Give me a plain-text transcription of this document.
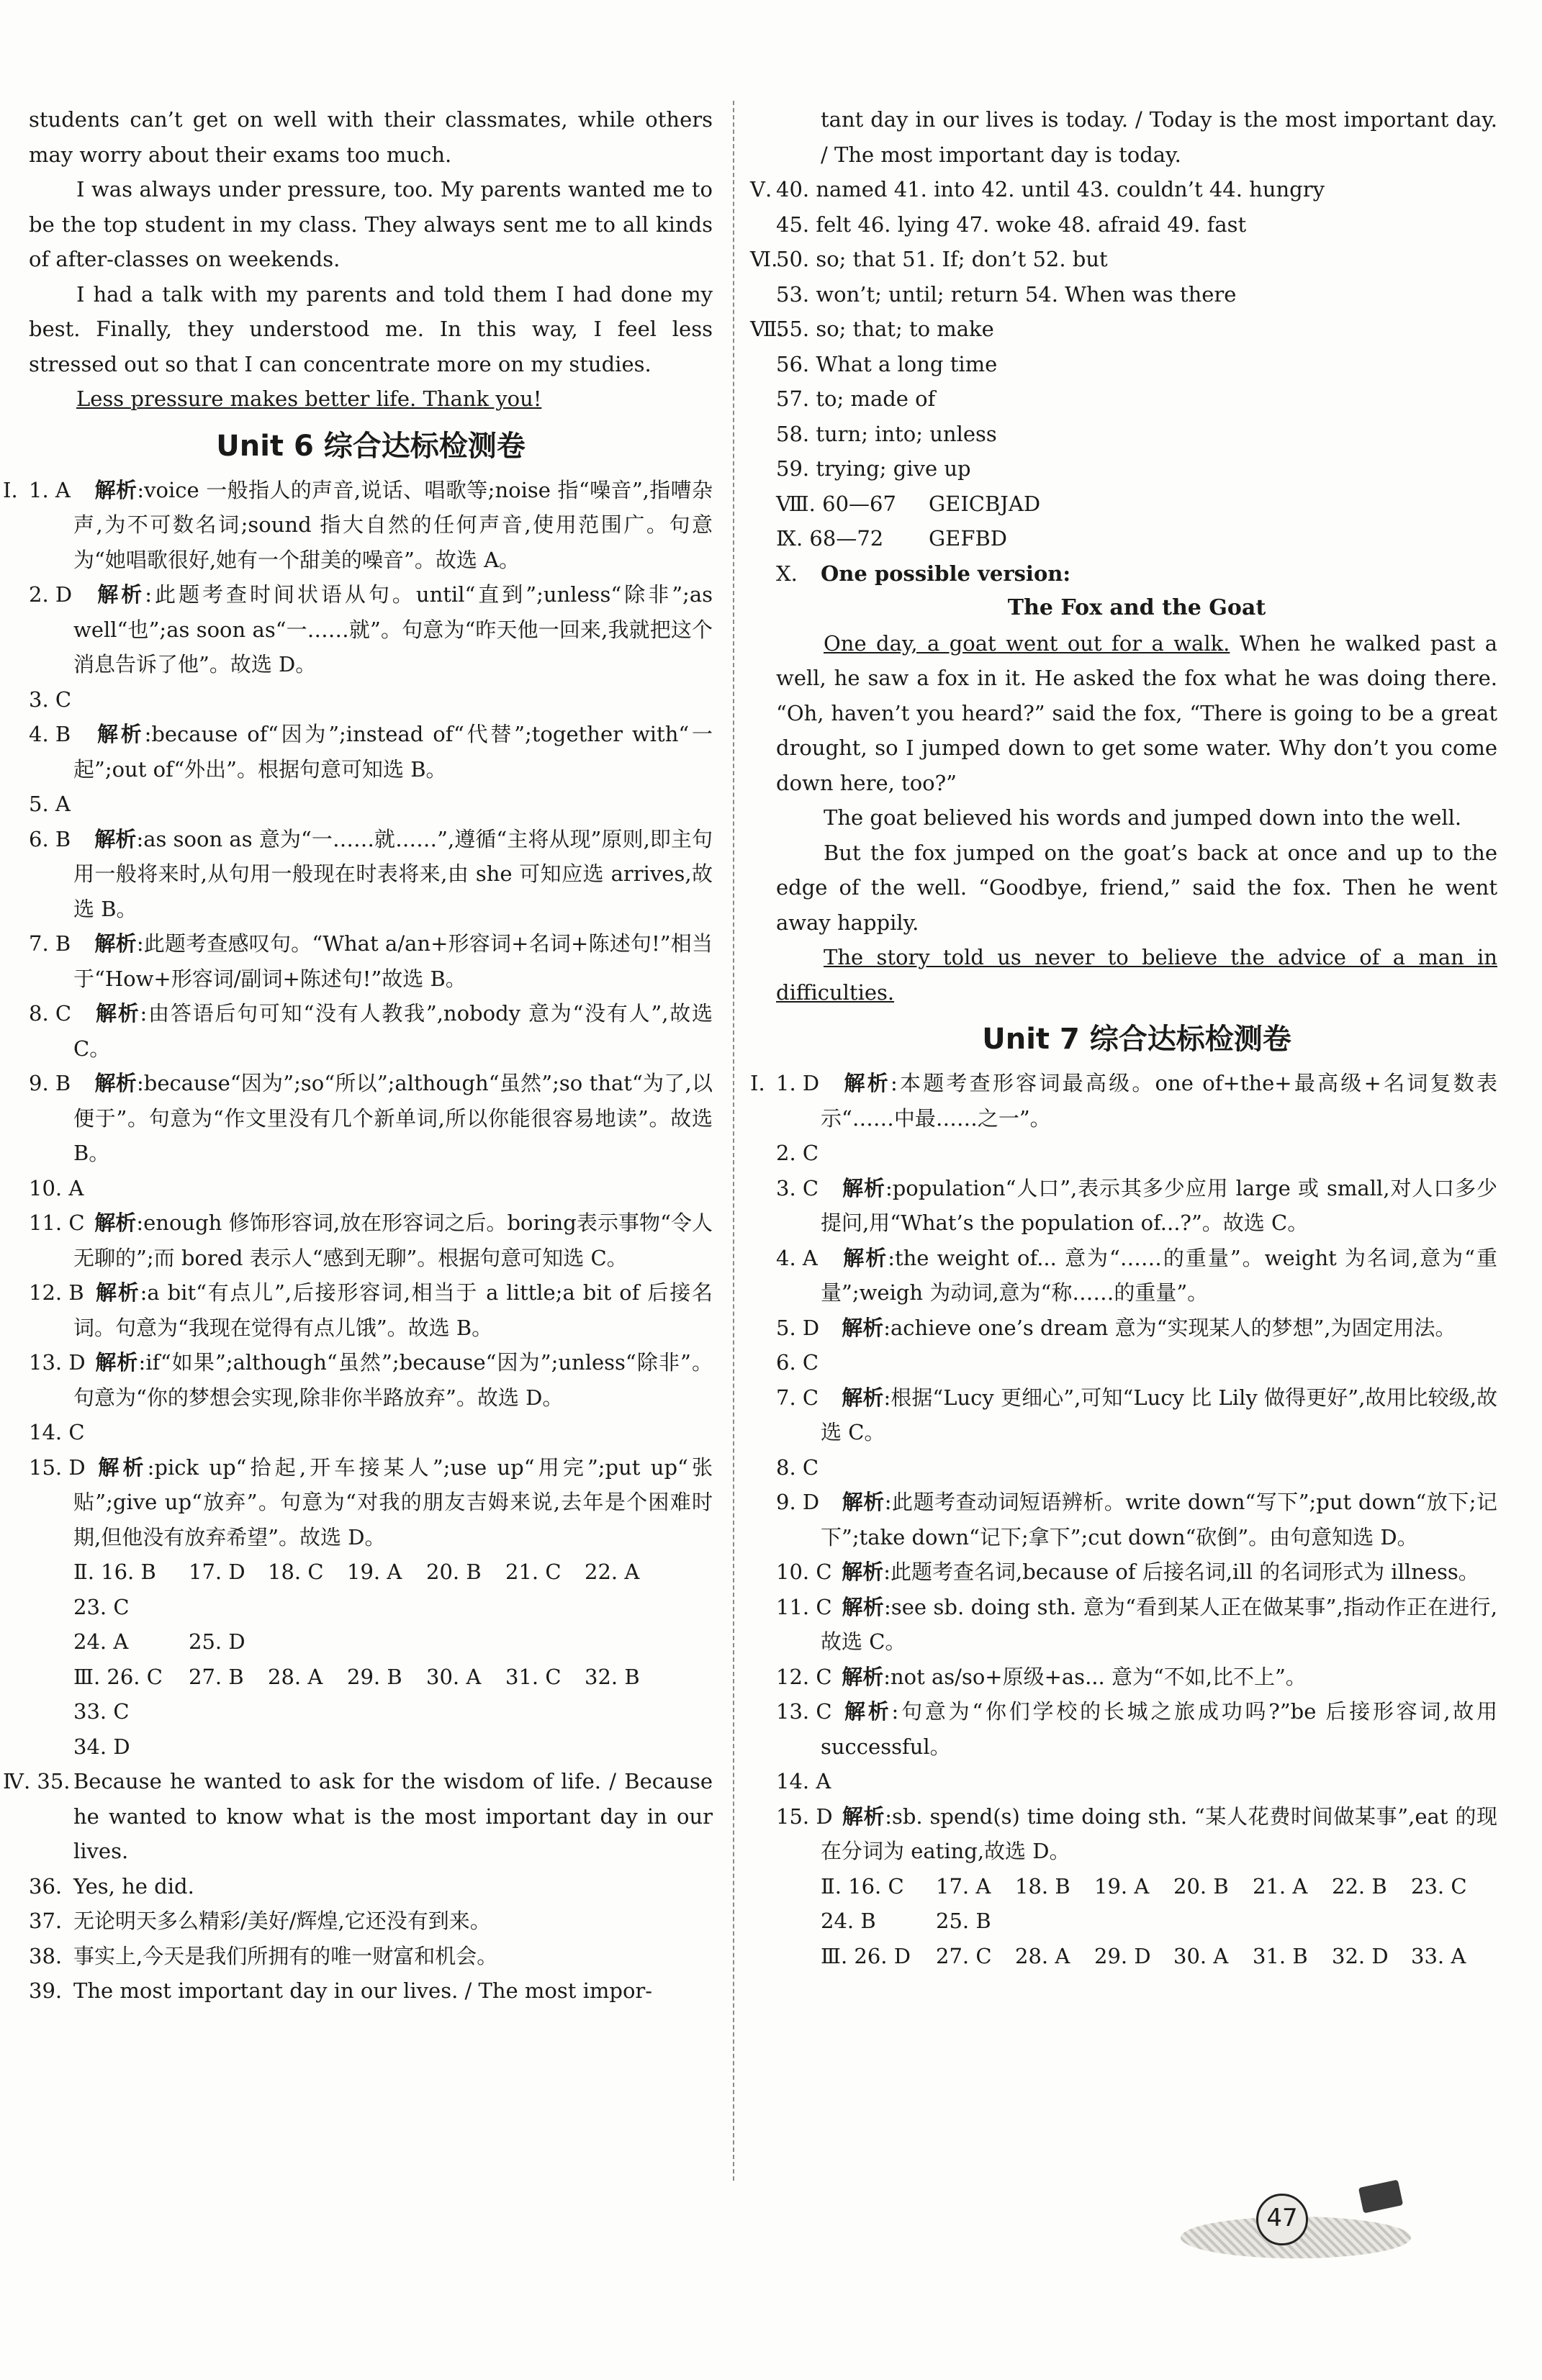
students can’t get on well with their classmates, while others may worry about their exams too much.

I was always under pressure, too. My parents wanted me to be the top student in my class. They always sent me to all kinds of after-classes on weekends.

I had a talk with my parents and told them I had done my best. Finally, they understood me. In this way, I feel less stressed out so that I can concentrate more on my studies.

Less pressure makes better life. Thank you!

Unit 6 综合达标检测卷

Ⅰ. 1. A	解析:voice 一般指人的声音,说话、唱歌等;noise 指“噪音”,指嘈杂声,为不可数名词;sound 指大自然的任何声音,使用范围广。句意为“她唱歌很好,她有一个甜美的噪音”。故选 A。

2. D	解析:此题考查时间状语从句。until“直到”;unless“除非”;as well“也”;as soon as“一……就”。句意为“昨天他一回来,我就把这个消息告诉了他”。故选 D。

3. C

4. B	解析:because of“因为”;instead of“代替”;together with“一起”;out of“外出”。根据句意可知选 B。

5. A

6. B	解析:as soon as 意为“一……就……”,遵循“主将从现”原则,即主句用一般将来时,从句用一般现在时表将来,由 she 可知应选 arrives,故选 B。

7. B	解析:此题考查感叹句。“What a/an+形容词+名词+陈述句!”相当于“How+形容词/副词+陈述句!”故选 B。

8. C	解析:由答语后句可知“没有人教我”,nobody 意为“没有人”,故选 C。

9. B	解析:because“因为”;so“所以”;although“虽然”;so that“为了,以便于”。句意为“作文里没有几个新单词,所以你能很容易地读”。故选 B。

10. A

11. C 解析:enough 修饰形容词,放在形容词之后。boring表示事物“令人无聊的”;而 bored 表示人“感到无聊”。根据句意可知选 C。

12. B 解析:a bit“有点儿”,后接形容词,相当于 a little;a bit of 后接名词。句意为“我现在觉得有点儿饿”。故选 B。

13. D 解析:if“如果”;although“虽然”;because“因为”;unless“除非”。句意为“你的梦想会实现,除非你半路放弃”。故选 D。

14. C

15. D 解析:pick up“拾起,开车接某人”;use up“用完”;put up“张贴”;give up“放弃”。句意为“对我的朋友吉姆来说,去年是个困难时期,但他没有放弃希望”。故选 D。

Ⅱ. 16. B 17. D 18. C 19. A 20. B 21. C 22. A23. C

24. A	25. D

Ⅲ. 26. C 27. B 28. A 29. B 30. A 31. C 32. B33. C

34. D

Ⅳ. 35. Because he wanted to ask for the wisdom of life. / Because he wanted to know what is the most important day in our lives.

36. Yes, he did.

37. 无论明天多么精彩/美好/辉煌,它还没有到来。

38. 事实上,今天是我们所拥有的唯一财富和机会。

39. The most important day in our lives. / The most impor-

tant day in our lives is today. / Today is the most important day. / The most important day is today.

Ⅴ. 40. named 41. into 42. until 43. couldn’t 44. hungry

45. felt 46. lying 47. woke 48. afraid 49. fast

Ⅵ.
50. so; that 51. If; don’t 52. but

53. won’t; until; return 54. When was there

Ⅶ.
55. so; that; to make

56. What a long time

57. to; made of

58. turn; into; unless

59. trying; give up

Ⅷ. 60—67 GEICBJAD

Ⅸ. 68—72 GEFBD

Ⅹ. One possible version:

The Fox and the Goat

One day, a goat went out for a walk. When he walked past a well, he saw a fox in it. He asked the fox what he was doing there. “Oh, haven’t you heard?” said the fox, “There is going to be a great drought, so I jumped down to get some water. Why don’t you come down here, too?”

The goat believed his words and jumped down into the well.

But the fox jumped on the goat’s back at once and up to the edge of the well. “Goodbye, friend,” said the fox. Then he went away happily.

The story told us never to believe the advice of a man in difficulties.

Unit 7 综合达标检测卷

Ⅰ. 1. D	解析:本题考查形容词最高级。one of+the+最高级+名词复数表示“……中最……之一”。

2. C

3. C	解析:population“人口”,表示其多少应用 large 或 small,对人口多少提问,用“What’s the population of...?”。故选 C。

4. A	解析:the weight of... 意为“……的重量”。weight 为名词,意为“重量”;weigh 为动词,意为“称……的重量”。

5. D	解析:achieve one’s dream 意为“实现某人的梦想”,为固定用法。

6. C

7. C	解析:根据“Lucy 更细心”,可知“Lucy 比 Lily 做得更好”,故用比较级,故选 C。

8. C

9. D	解析:此题考查动词短语辨析。write down“写下”;put down“放下;记下”;take down“记下;拿下”;cut down“砍倒”。由句意知选 D。

10. C 解析:此题考查名词,because of 后接名词,ill 的名词形式为 illness。

11. C 解析:see sb. doing sth. 意为“看到某人正在做某事”,指动作正在进行,故选 C。

12. C 解析:not as/so+原级+as... 意为“不如,比不上”。

13. C 解析:句意为“你们学校的长城之旅成功吗?”be 后接形容词,故用 successful。

14. A

15. D 解析:sb. spend(s) time doing sth. “某人花费时间做某事”,eat 的现在分词为 eating,故选 D。

Ⅱ. 16. C 17. A 18. B 19. A 20. B 21. A 22. B 23. C

24. B	25. B

Ⅲ. 26. D 27. C 28. A 29. D 30. A 31. B 32. D 33. A

47
